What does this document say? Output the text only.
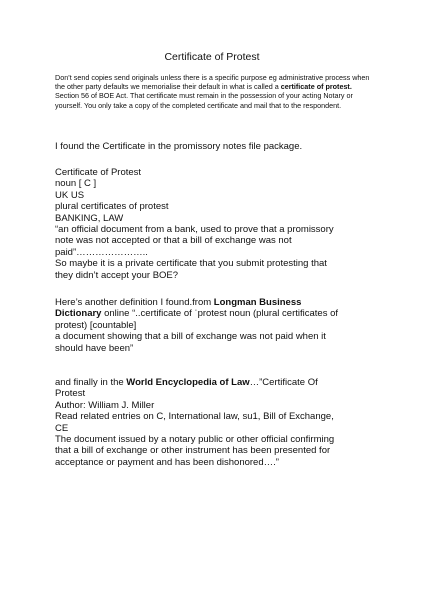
Certificate of Protest
Don’t send copies send originals unless there is a specific purpose eg administrative process when the other party defaults we memorialise their default in what is called a certificate of protest. Section 56 of BOE Act. That certificate must remain in the possession of your acting Notary or yourself. You only take a copy of the completed certificate and mail that to the respondent.
I found the Certificate in the promissory notes file package.
Certificate of Protest
noun [ C ]
UK US
plural certificates of protest
BANKING, LAW
“an official document from a bank, used to prove that a promissory
note was not accepted or that a bill of exchange was not
paid”…………………..
So maybe it is a private certificate that you submit protesting that
they didn’t accept your BOE?
Here’s another definition I found.from Longman Business
Dictionary online “..certificate of ˈprotest noun (plural certificates of
protest) [countable]
a document showing that a bill of exchange was not paid when it
should have been”
and finally in the World Encyclopedia of Law…”Certificate Of
Protest
Author: William J. Miller
Read related entries on C, International law, su1, Bill of Exchange,
CE
The document issued by a notary public or other official confirming
that a bill of exchange or other instrument has been presented for
acceptance or payment and has been dishonored….”
